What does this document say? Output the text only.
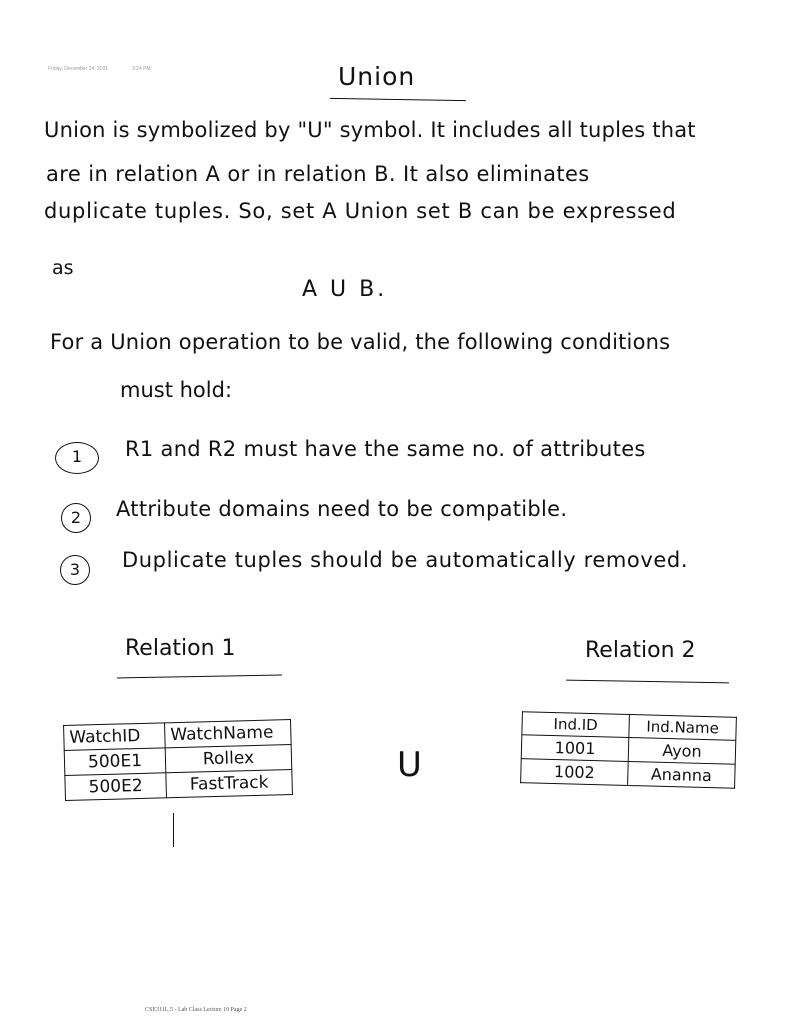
Friday, December 24, 2021	3:24 PM	Union
Union is symbolized by "U" symbol. It includes all tuples that
are in relation A or in relation B. It also eliminates
duplicate tuples. So, set A Union set B can be expressed
as
A U B.
For a Union operation to be valid, the following conditions
must hold:
1	R1 and R2 must have the same no. of attributes
2	Attribute domains need to be compatible.
3	Duplicate tuples should be automatically removed.
Relation 1	Relation 2
WatchID	WatchName
500E1	Rollex
500E2	FastTrack	U
Ind.ID	Ind.Name
1001	Ayon
1002	Ananna
CSE311L.5 - Lab Class Lecture 10 Page 2
